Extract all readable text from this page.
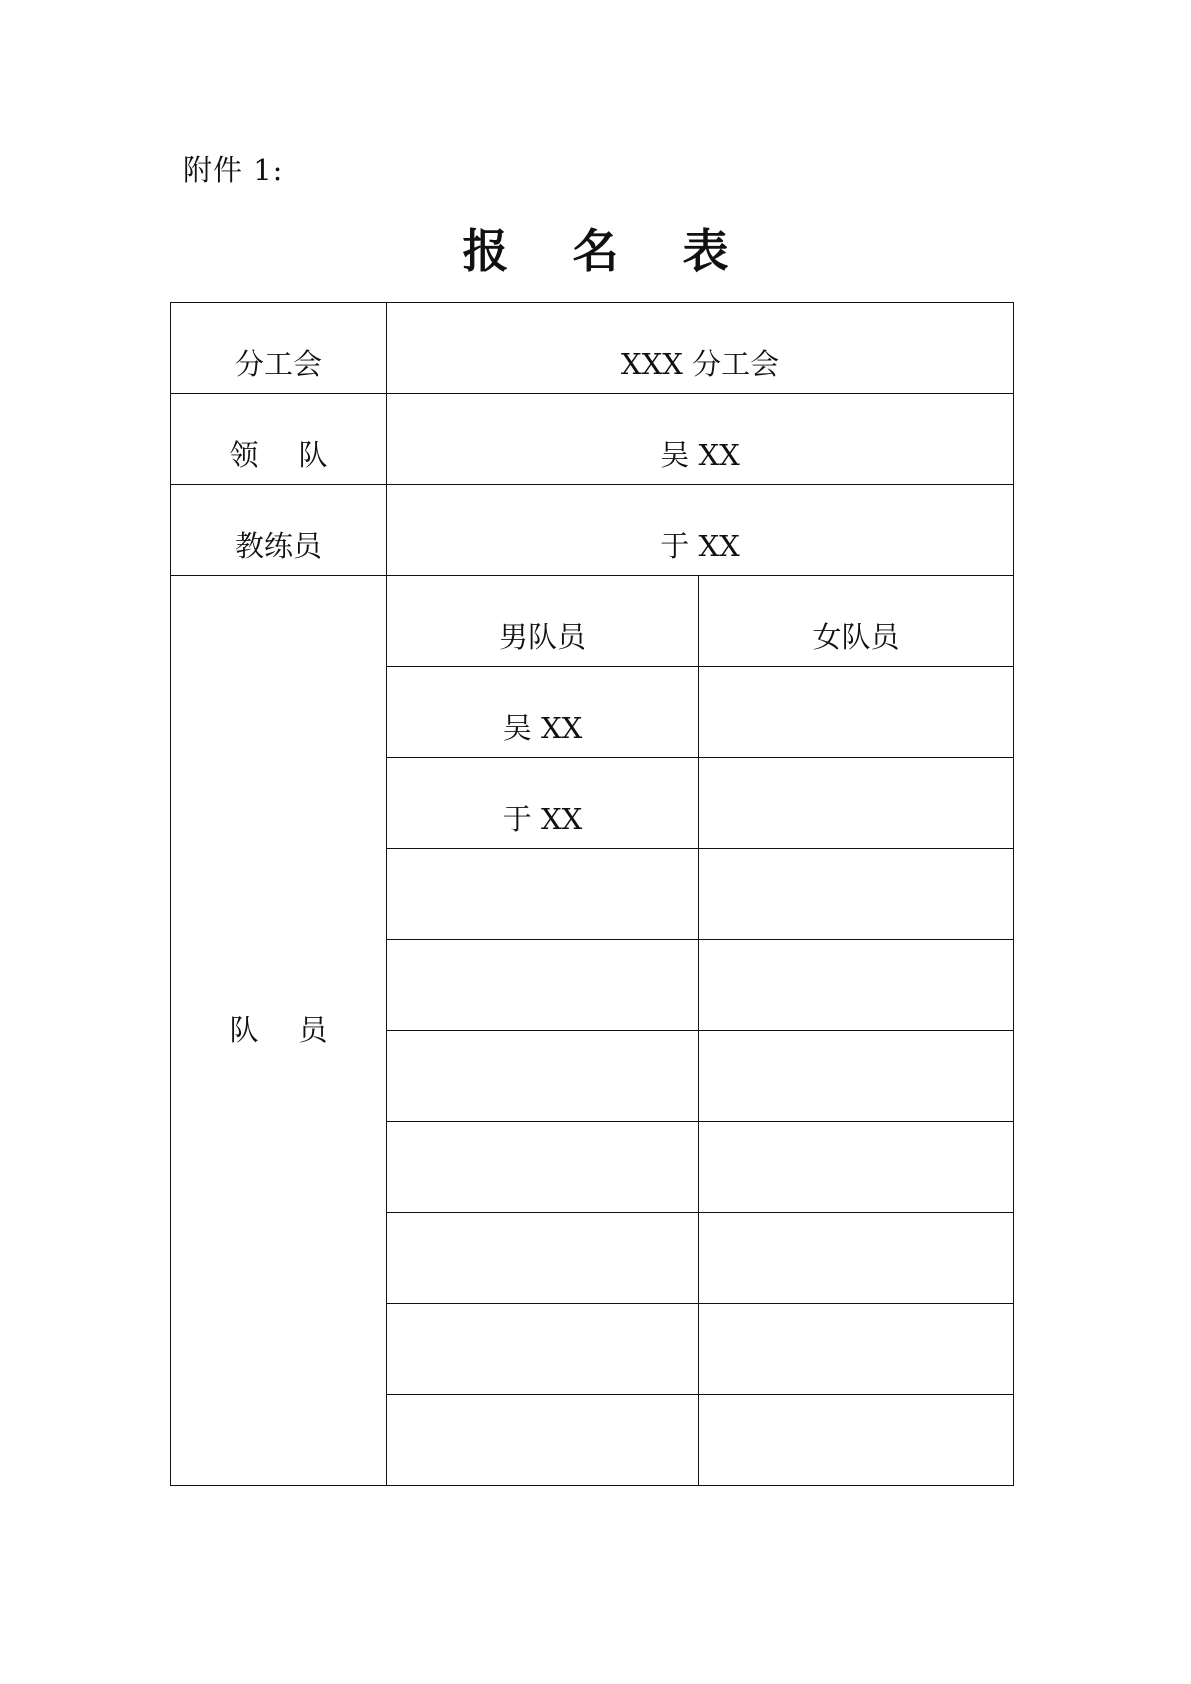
附件 1:
报 名 表
分工会	XXX 分工会	
领 队	吴 XX	
教练员	于 XX	
队 员	男队员	女队员
	吴 XX	
	于 XX	
